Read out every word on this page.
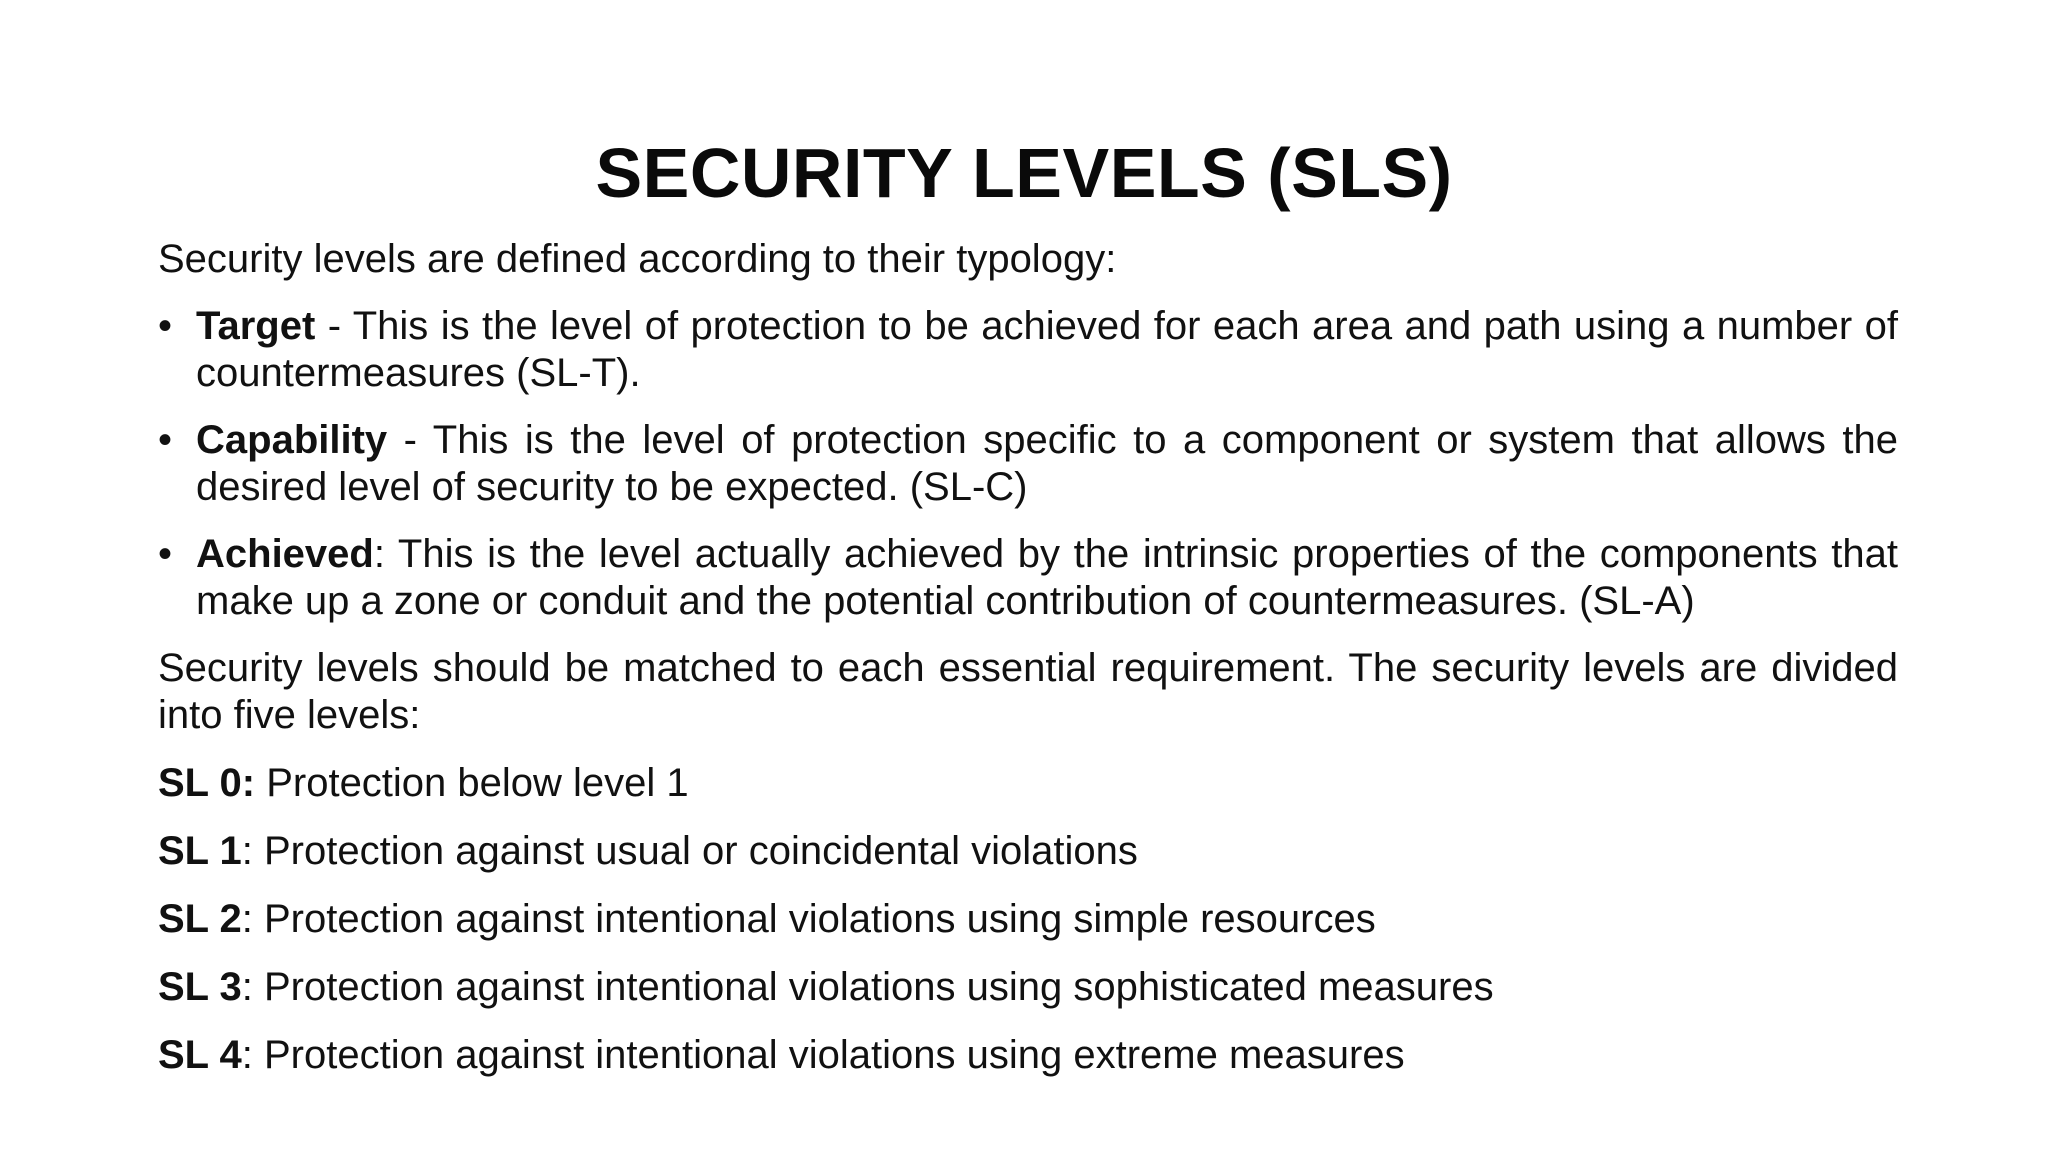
SECURITY LEVELS (SLS)

Security levels are defined according to their typology:

• Target - This is the level of protection to be achieved for each area and path using a number of countermeasures (SL-T).
• Capability - This is the level of protection specific to a component or system that allows the desired level of security to be expected. (SL-C)
• Achieved: This is the level actually achieved by the intrinsic properties of the components that make up a zone or conduit and the potential contribution of countermeasures. (SL-A)

Security levels should be matched to each essential requirement. The security levels are divided into five levels:

SL 0: Protection below level 1
SL 1: Protection against usual or coincidental violations
SL 2: Protection against intentional violations using simple resources
SL 3: Protection against intentional violations using sophisticated measures
SL 4: Protection against intentional violations using extreme measures
